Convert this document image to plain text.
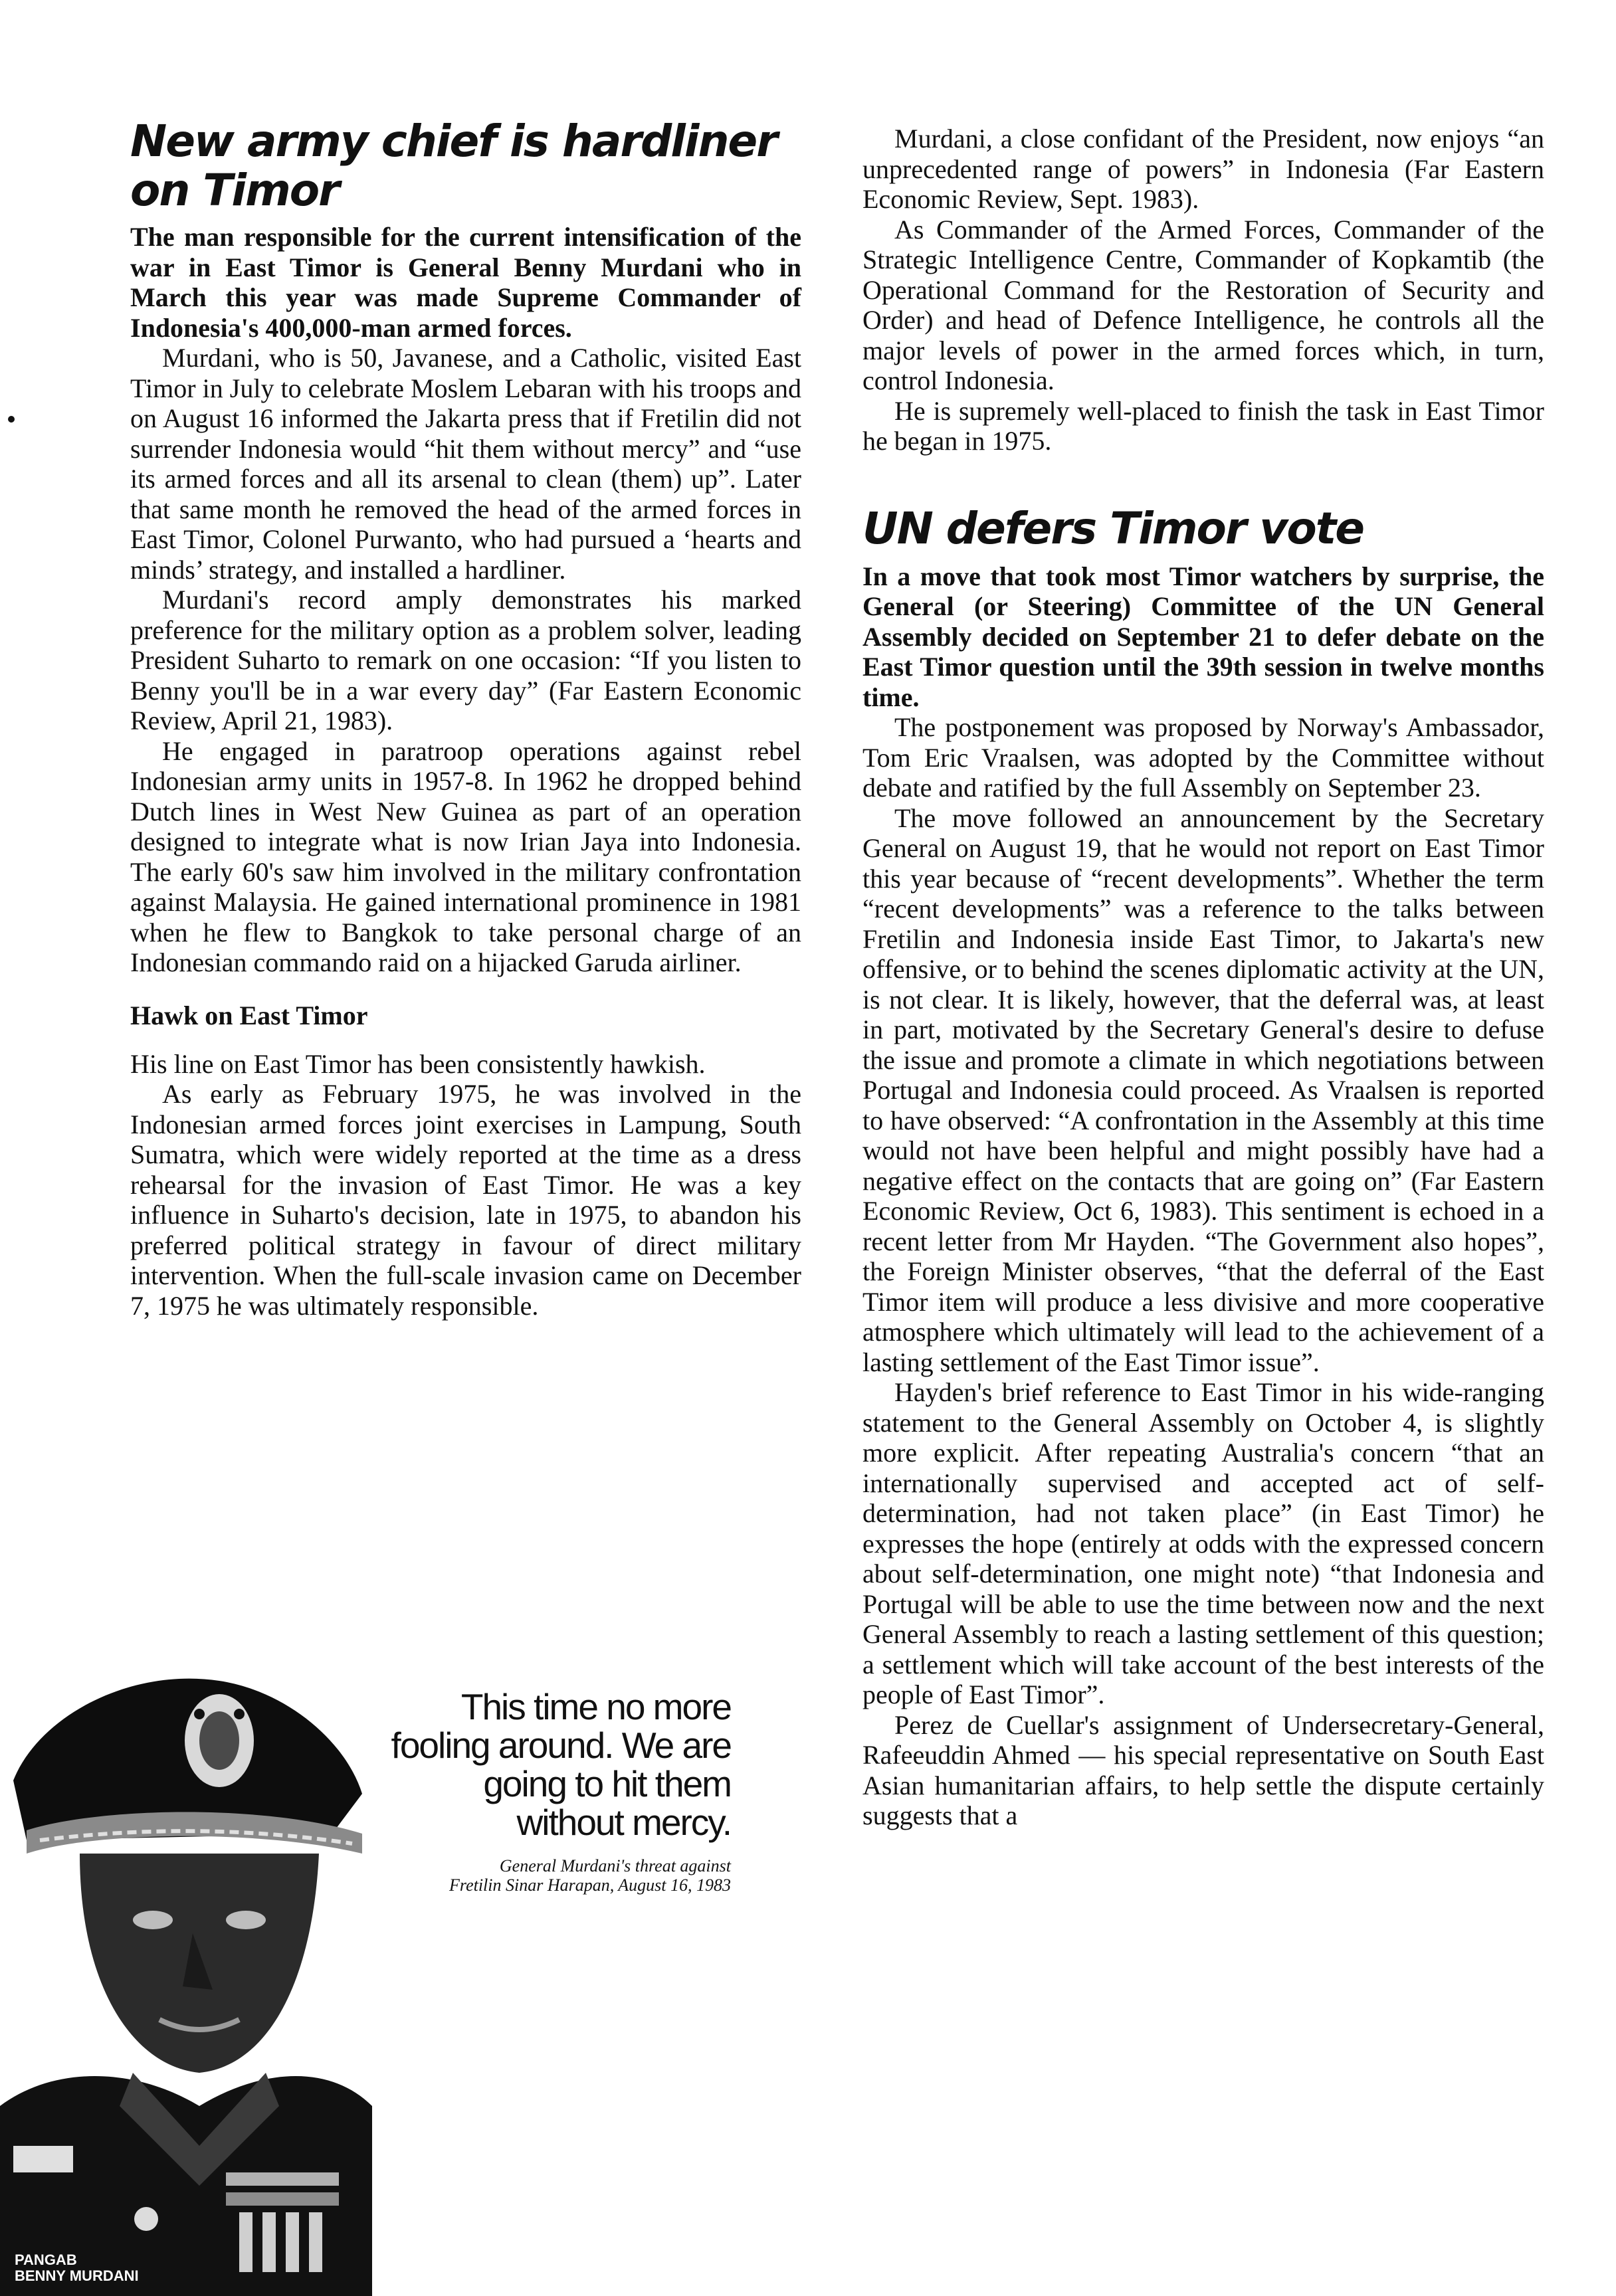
New army chief is hardliner on Timor

The man responsible for the current intensification of the war in East Timor is General Benny Murdani who in March this year was made Supreme Commander of Indonesia's 400,000-man armed forces.

Murdani, who is 50, Javanese, and a Catholic, visited East Timor in July to celebrate Moslem Lebaran with his troops and on August 16 informed the Jakarta press that if Fretilin did not surrender Indonesia would “hit them without mercy” and “use its armed forces and all its arsenal to clean (them) up”. Later that same month he removed the head of the armed forces in East Timor, Colonel Purwanto, who had pursued a ‘hearts and minds’ strategy, and installed a hardliner.

Murdani's record amply demonstrates his marked preference for the military option as a problem solver, leading President Suharto to remark on one occasion: “If you listen to Benny you'll be in a war every day” (Far Eastern Economic Review, April 21, 1983).

He engaged in paratroop operations against rebel Indonesian army units in 1957-8. In 1962 he dropped behind Dutch lines in West New Guinea as part of an operation designed to integrate what is now Irian Jaya into Indonesia. The early 60's saw him involved in the military confrontation against Malaysia. He gained international prominence in 1981 when he flew to Bangkok to take personal charge of an Indonesian commando raid on a hijacked Garuda airliner.

Hawk on East Timor

His line on East Timor has been consistently hawkish.

As early as February 1975, he was involved in the Indonesian armed forces joint exercises in Lampung, South Sumatra, which were widely reported at the time as a dress rehearsal for the invasion of East Timor. He was a key influence in Suharto's decision, late in 1975, to abandon his preferred political strategy in favour of direct military intervention. When the full-scale invasion came on December 7, 1975 he was ultimately responsible.

PANGAB
BENNY MURDANI

This time no more fooling around. We are going to hit them without mercy.

General Murdani's threat against
Fretilin Sinar Harapan, August 16, 1983

Murdani, a close confidant of the President, now enjoys “an unprecedented range of powers” in Indonesia (Far Eastern Economic Review, Sept. 1983).

As Commander of the Armed Forces, Commander of the Strategic Intelligence Centre, Commander of Kopkamtib (the Operational Command for the Restoration of Security and Order) and head of Defence Intelligence, he controls all the major levels of power in the armed forces which, in turn, control Indonesia.

He is supremely well-placed to finish the task in East Timor he began in 1975.

UN defers Timor vote

In a move that took most Timor watchers by surprise, the General (or Steering) Committee of the UN General Assembly decided on September 21 to defer debate on the East Timor question until the 39th session in twelve months time.

The postponement was proposed by Norway's Ambassador, Tom Eric Vraalsen, was adopted by the Committee without debate and ratified by the full Assembly on September 23.

The move followed an announcement by the Secretary General on August 19, that he would not report on East Timor this year because of “recent developments”. Whether the term “recent developments” was a reference to the talks between Fretilin and Indonesia inside East Timor, to Jakarta's new offensive, or to behind the scenes diplomatic activity at the UN, is not clear. It is likely, however, that the deferral was, at least in part, motivated by the Secretary General's desire to defuse the issue and promote a climate in which negotiations between Portugal and Indonesia could proceed. As Vraalsen is reported to have observed: “A confrontation in the Assembly at this time would not have been helpful and might possibly have had a negative effect on the contacts that are going on” (Far Eastern Economic Review, Oct 6, 1983). This sentiment is echoed in a recent letter from Mr Hayden. “The Government also hopes”, the Foreign Minister observes, “that the deferral of the East Timor item will produce a less divisive and more cooperative atmosphere which ultimately will lead to the achievement of a lasting settlement of the East Timor issue”.

Hayden's brief reference to East Timor in his wide-ranging statement to the General Assembly on October 4, is slightly more explicit. After repeating Australia's concern “that an internationally supervised and accepted act of self-determination, had not taken place” (in East Timor) he expresses the hope (entirely at odds with the expressed concern about self-determination, one might note) “that Indonesia and Portugal will be able to use the time between now and the next General Assembly to reach a lasting settlement of this question; a settlement which will take account of the best interests of the people of East Timor”.

Perez de Cuellar's assignment of Undersecretary-General, Rafeeuddin Ahmed — his special representative on South East Asian humanitarian affairs, to help settle the dispute certainly suggests that a
